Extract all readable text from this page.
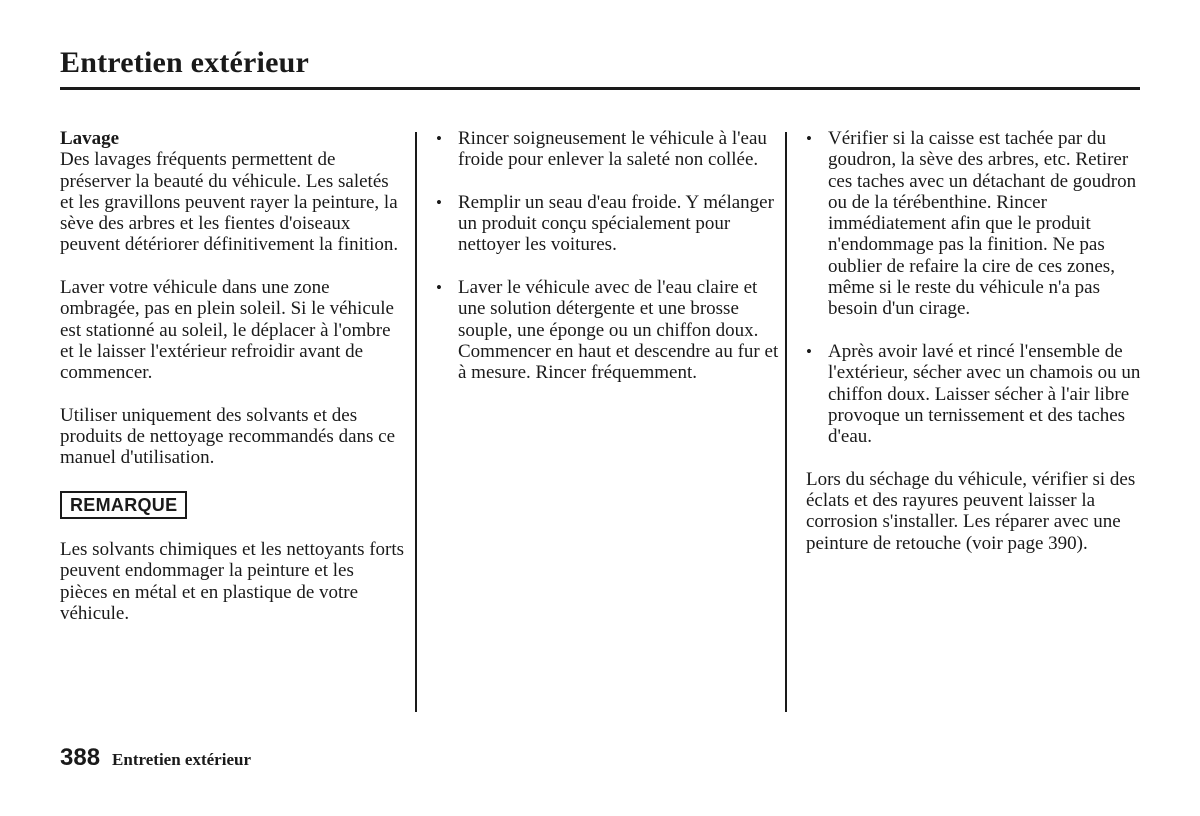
Entretien extérieur

Lavage

Des lavages fréquents permettent de préserver la beauté du véhicule. Les saletés et les gravillons peuvent rayer la peinture, la sève des arbres et les fientes d'oiseaux peuvent détériorer définitivement la finition.

Laver votre véhicule dans une zone ombragée, pas en plein soleil. Si le véhicule est stationné au soleil, le déplacer à l'ombre et le laisser l'extérieur refroidir avant de commencer.

Utiliser uniquement des solvants et des produits de nettoyage recommandés dans ce manuel d'utilisation.

REMARQUE

Les solvants chimiques et les nettoyants forts peuvent endommager la peinture et les pièces en métal et en plastique de votre véhicule.

• Rincer soigneusement le véhicule à l'eau froide pour enlever la saleté non collée.
• Remplir un seau d'eau froide. Y mélanger un produit conçu spécialement pour nettoyer les voitures.
• Laver le véhicule avec de l'eau claire et une solution détergente et une brosse souple, une éponge ou un chiffon doux. Commencer en haut et descendre au fur et à mesure. Rincer fréquemment.
• Vérifier si la caisse est tachée par du goudron, la sève des arbres, etc. Retirer ces taches avec un détachant de goudron ou de la térébenthine. Rincer immédiatement afin que le produit n'endommage pas la finition. Ne pas oublier de refaire la cire de ces zones, même si le reste du véhicule n'a pas besoin d'un cirage.
• Après avoir lavé et rincé l'ensemble de l'extérieur, sécher avec un chamois ou un chiffon doux. Laisser sécher à l'air libre provoque un ternissement et des taches d'eau.

Lors du séchage du véhicule, vérifier si des éclats et des rayures peuvent laisser la corrosion s'installer. Les réparer avec une peinture de retouche (voir page 390).

388 Entretien extérieur
